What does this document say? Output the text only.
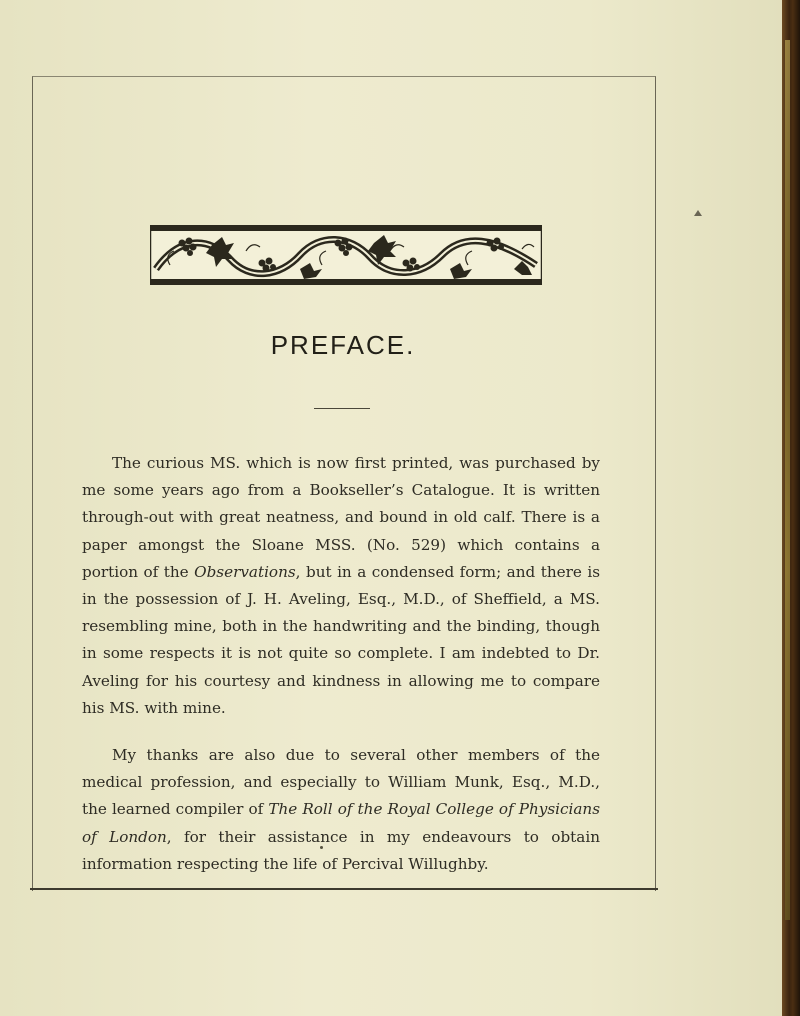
PREFACE.

The curious MS. which is now first printed, was purchased by me some years ago from a Bookseller’s Catalogue. It is written through-out with great neatness, and bound in old calf. There is a paper amongst the Sloane MSS. (No. 529) which contains a portion of the Observations, but in a condensed form; and there is in the possession of J. H. Aveling, Esq., M.D., of Sheffield, a MS. resembling mine, both in the handwriting and the binding, though in some respects it is not quite so complete. I am indebted to Dr. Aveling for his courtesy and kindness in allowing me to compare his MS. with mine.

My thanks are also due to several other members of the medical profession, and especially to William Munk, Esq., M.D., the learned compiler of The Roll of the Royal College of Physicians of London, for their assistance in my endeavours to obtain information respecting the life of Percival Willughby.
